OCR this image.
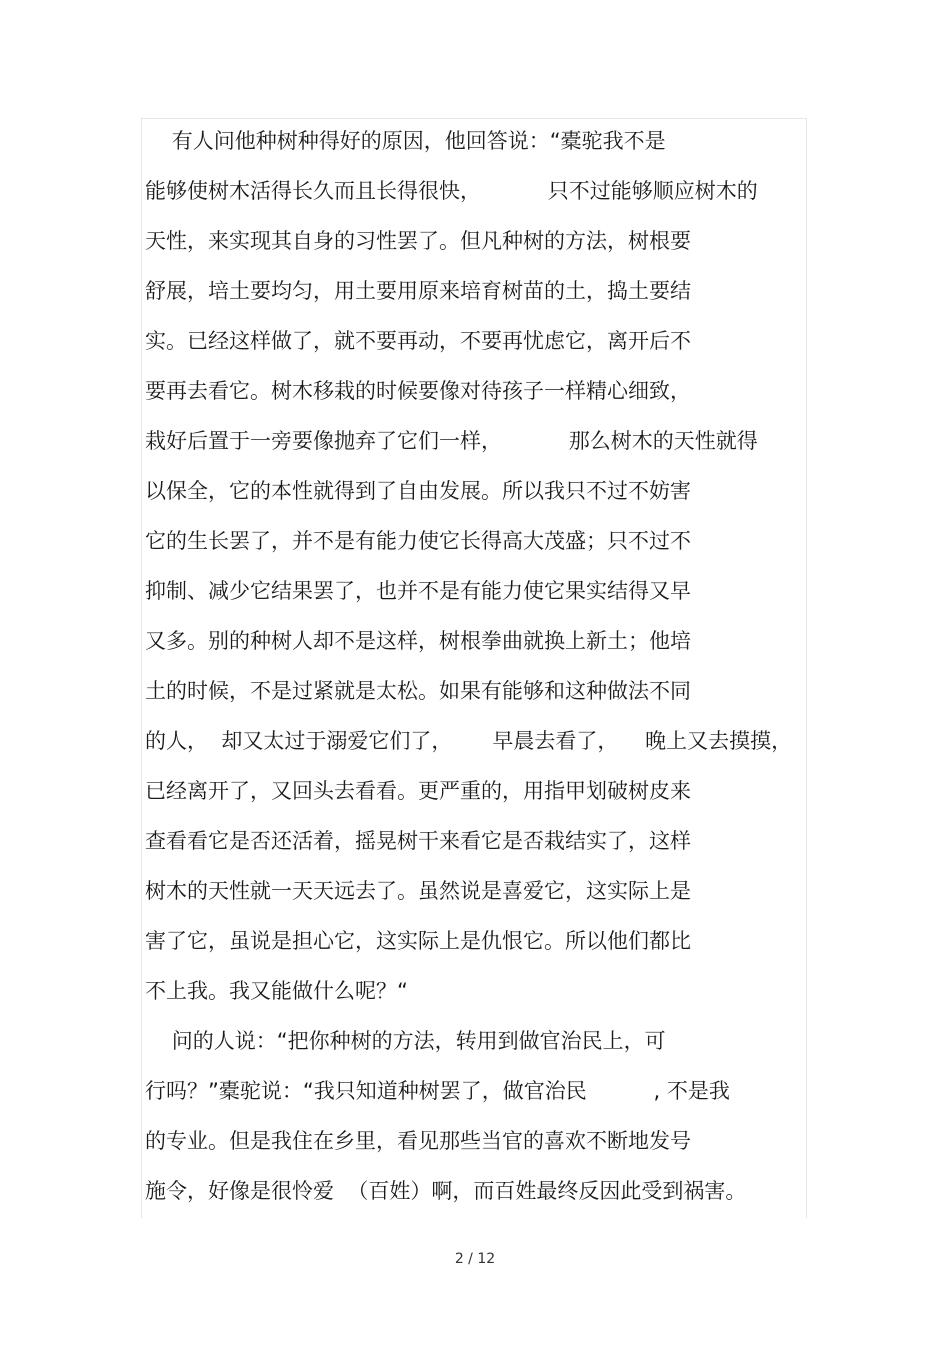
有人问他种树种得好的原因，他回答说：“橐驼我不是
能够使树木活得长久而且长得很快，          只不过能够顺应树木的
天性，来实现其自身的习性罢了。但凡种树的方法，树根要
舒展，培土要均匀，用土要用原来培育树苗的土，捣土要结
实。已经这样做了，就不要再动，不要再忧虑它，离开后不
要再去看它。树木移栽的时候要像对待孩子一样精心细致，
栽好后置于一旁要像抛弃了它们一样，          那么树木的天性就得
以保全，它的本性就得到了自由发展。所以我只不过不妨害
它的生长罢了，并不是有能力使它长得高大茂盛；只不过不
抑制、减少它结果罢了，也并不是有能力使它果实结得又早
又多。别的种树人却不是这样，树根拳曲就换上新土；他培
土的时候，不是过紧就是太松。如果有能够和这种做法不同
的人，  却又太过于溺爱它们了，      早晨去看了，    晚上又去摸摸，
已经离开了，又回头去看看。更严重的，用指甲划破树皮来
查看看它是否还活着，摇晃树干来看它是否栽结实了，这样
树木的天性就一天天远去了。虽然说是喜爱它，这实际上是
害了它，虽说是担心它，这实际上是仇恨它。所以他们都比
不上我。我又能做什么呢？“
问的人说：“把你种树的方法，转用到做官治民上，可
行吗？”橐驼说：“我只知道种树罢了，做官治民          , 不是我
的专业。但是我住在乡里，看见那些当官的喜欢不断地发号
施令，好像是很怜爱  （百姓）啊，而百姓最终反因此受到祸害。
2 / 12
